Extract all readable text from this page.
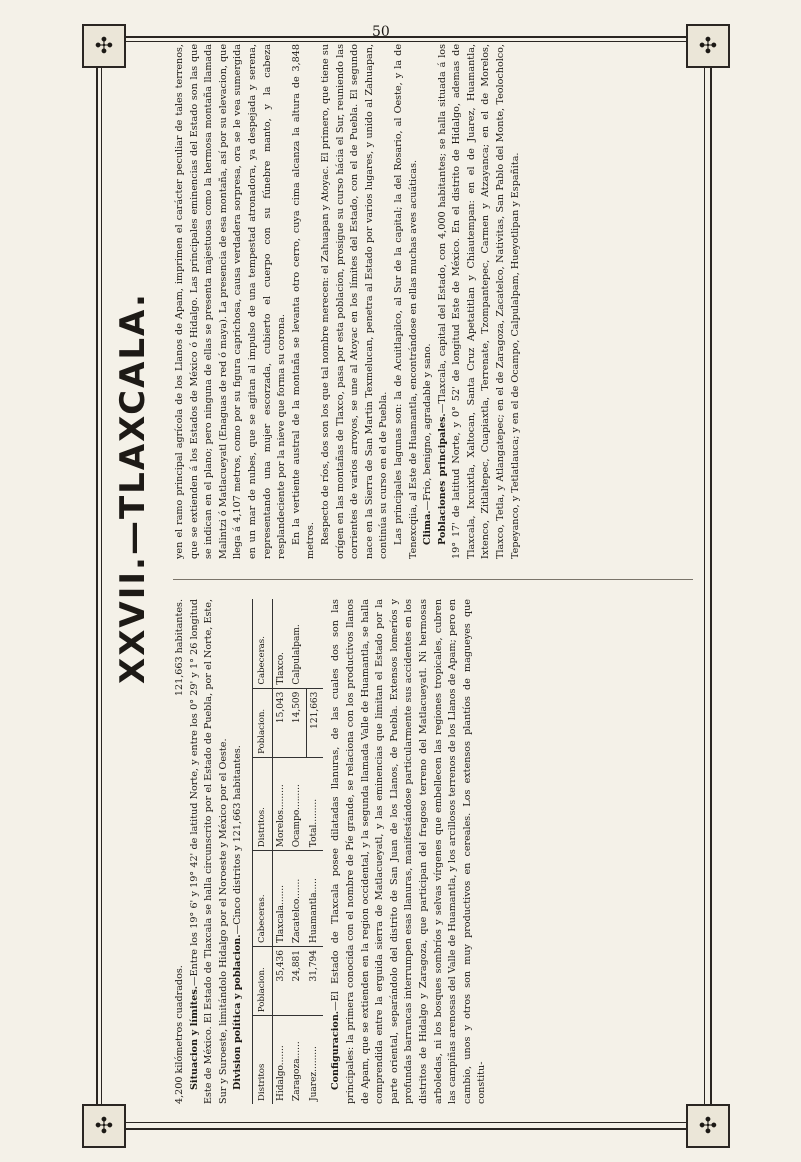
50
✣	✣
✣	✣
XXVII.—TLAXCALA.
4,200 kilómetros cuadrados.
121,663 habitantes.

Situacion y límites.—Entre los 19° 6' y 19° 42' de latitud Norte, y entre los 0° 29' y 1° 26 longitud Este de México. El Estado de Tlaxcala se halla circunscrito por el Estado de Puebla, por el Norte, Este, Sur y Suroeste, limitándolo Hidalgo por el Noroeste y México por el Oeste. Division política y poblacion.—Cinco distritos y 121,663 habitantes.

Distritos	Poblacion.	Cabeceras.	Distritos.	Poblacion.	Cabeceras.
Hidalgo.......	35,436	Tlaxcala.......	Morelos.........	15,043	Tlaxco.
Zaragoza......	24,881	Zacatelco.......	Ocampo.........	14,509	Calpulalpam.
Juarez.........	31,794	Huamantla.....	Total.........	121,663	

Configuracion.—El Estado de Tlaxcala posee dilatadas llanuras, de las cuales dos son las principales: la primera conocida con el nombre de Píe grande, se relaciona con los productivos llanos de Apam, que se extienden en la region occidental, y la segunda llamada Valle de Huamantla, se halla comprendida entre la erguida sierra de Matlacueyatl, y las eminencias que limitan el Estado por la parte oriental, separándolo del distrito de San Juan de los Llanos, de Puebla. Extensos lomeríos y profundas barrancas interrumpen esas llanuras, manifestándose particularmente sus accidentes en los distritos de Hidalgo y Zaragoza, que participan del fragoso terreno del Matlacueyatl. Ni hermosas arboledas, ni los bosques sombríos y selvas vírgenes que embellecen las regiones tropicales, cubren las campiñas arenosas del Valle de Huamantla, y los arcillosos terrenos de los Llanos de Apam; pero en cambio, unos y otros son muy productivos en cereales. Los extensos plantíos de magueyes que constitu-

yen el ramo principal agrícola de los Llanos de Apam, imprimen el carácter peculiar de tales terrenos, que se extienden á los Estados de México ó Hidalgo. Las principales eminencias del Estado son las que se indican en el plano; pero ninguna de ellas se presenta majestuosa como la hermosa montaña llamada Malintzi ó Matlacueyatl (Enaguas de red ó maya). La presencia de esa montaña, así por su elevacion, que llega á 4,107 metros, como por su figura caprichosa, causa verdadera sorpresa, ora se le vea sumergida en un mar de nubes, que se agitan al impulso de una tempestad atronadora, ya despejada y serena, representando una mujer escorzada, cubierto el cuerpo con su fúnebre manto, y la cabeza resplandeciente por la nieve que forma su corona. En la vertiente austral de la montaña se levanta otro cerro, cuya cima alcanza la altura de 3,848 metros. Respecto de ríos, dos son los que tal nombre merecen: el Zahuapan y Atoyac. El primero, que tiene su orígen en las montañas de Tlaxco, pasa por esta poblacion, prosigue su curso hácia el Sur, reuniendo las corrientes de varios arroyos, se une al Atoyac en los límites del Estado, con el de Puebla. El segundo nace en la Sierra de San Martin Texmelucan, penetra al Estado por varios lugares, y unido al Zahuapan, continúa su curso en el de Puebla. Las principales lagunas son: la de Acuitlapilco, al Sur de la capital; la del Rosario, al Oeste, y la de Tenexcqiia, al Este de Huamantla, encontrándose en ellas muchas aves acuáticas. Clima.—Frio, benigno, agradable y sano. Poblaciones principales.—Tlaxcala, capital del Estado, con 4,000 habitantes; se halla situada á los 19° 17' de latitud Norte, y 0° 52' de longitud Este de México. En el distrito de Hidalgo, ademas de Tlaxcala, Ixcuixtla, Xaltocan, Santa Cruz Apetatitlan y Chiautempan: en el de Juarez, Huamantla, Ixtenco, Zitlaltepec, Cuapiaxtla, Terrenate, Tzompantepec, Carmen y Atzayanca; en el de Morelos, Tlaxco, Tetla, y Atlangatepec; en el de Zaragoza, Zacatelco, Nativitas, San Pablo del Monte, Teolocholco, Tepeyanco, y Tetlatlauca; y en el de Ocampo, Calpulalpam, Hueyotlipan y Españita.
